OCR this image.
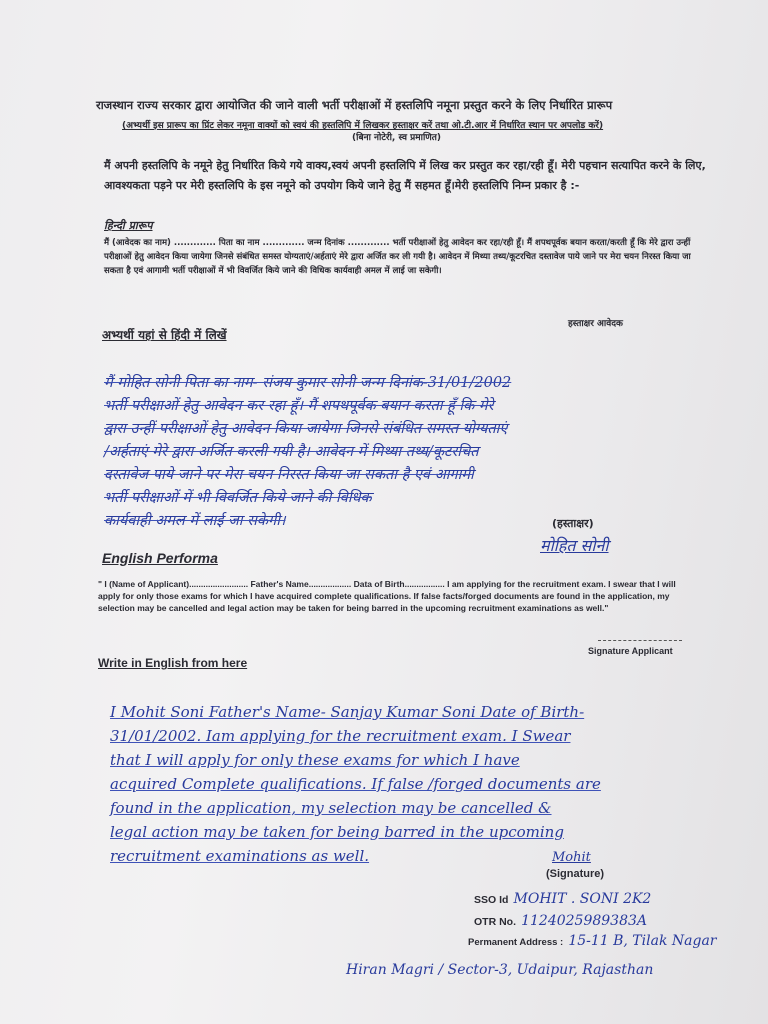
राजस्थान राज्य सरकार द्वारा आयोजित की जाने वाली भर्ती परीक्षाओं में हस्तलिपि नमूना प्रस्तुत करने के लिए निर्धारित प्रारूप
(अभ्यर्थी इस प्रारूप का प्रिंट लेकर नमूना वाक्यों को स्वयं की हस्तलिपि में लिखकर हस्ताक्षर करें तथा ओ.टी.आर में निर्धारित स्थान पर अपलोड करें)
(बिना नोटेरी, स्व प्रमाणित)
मैं अपनी हस्तलिपि के नमूने हेतु निर्धारित किये गये वाक्य,स्वयं अपनी हस्तलिपि में लिख कर प्रस्तुत कर रहा/रही हूँ। मेरी पहचान सत्यापित करने के लिए, आवश्यकता पड़ने पर मेरी हस्तलिपि के इस नमूने को उपयोग किये जाने हेतु मैं सहमत हूँ।मेरी हस्तलिपि निम्न प्रकार है :-
हिन्दी प्रारूप
मैं (आवेदक का नाम) ............. पिता का नाम ............. जन्म दिनांक ............. भर्ती परीक्षाओं हेतु आवेदन कर रहा/रही हूँ। मैं शपथपूर्वक बयान करता/करती हूँ कि मेरे द्वारा उन्हीं परीक्षाओं हेतु आवेदन किया जायेगा जिनसे संबंधित समस्त योग्यताएं/अर्हताएं मेरे द्वारा अर्जित कर ली गयी है। आवेदन में मिथ्या तथ्य/कूटरचित दस्तावेज पाये जाने पर मेरा चयन निरस्त किया जा सकता है एवं आगामी भर्ती परीक्षाओं में भी विवर्जित किये जाने की विधिक कार्यवाही अमल में लाई जा सकेगी।
हस्ताक्षर आवेदक
अभ्यर्थी यहां से हिंदी में लिखें
मैं मोहित सोनी पिता का नाम- संजय कुमार सोनी जन्म दिनांक-31/01/2002
भर्ती परीक्षाओं हेतु आवेदन कर रहा हूँ। मैं शपथपूर्वक बयान करता हूँ कि मेरे
द्वारा उन्हीं परीक्षाओं हेतु आवेदन किया जायेगा जिनसे संबंधित समस्त योग्यताएं
/अर्हताएं मेरे द्वारा अर्जित करली गयी है। आवेदन में मिथ्या तथ्य/कूटरचित
दस्तावेज पाये जाने पर मेरा चयन निरस्त किया जा सकता है एवं आगामी
भर्ती परीक्षाओं में भी विवर्जित किये जाने की विधिक
कार्यवाही अमल में लाई जा सकेगी।	(हस्ताक्षर)
मोहित सोनी
English Performa
" I (Name of Applicant)......................... Father's Name.................. Data of Birth................. I am applying for the recruitment exam. I swear that I will apply for only those exams for which I have acquired complete qualifications. If false facts/forged documents are found in the application, my selection may be cancelled and legal action may be taken for being barred in the upcoming recruitment examinations as well."
Signature Applicant
Write in English from here
I Mohit Soni Father's Name- Sanjay Kumar Soni Date of Birth-
31/01/2002. Iam applying for the recruitment exam. I Swear
that I will apply for only these exams for which I have
acquired Complete qualifications. If false /forged documents are
found in the application, my selection may be cancelled &
legal action may be taken for being barred in the upcoming
recruitment examinations as well.	Mohit
(Signature)
SSO Id MOHIT . SONI 2K2
OTR No. 1124025989383A
Permanent Address : 15-11 B, Tilak Nagar
Hiran Magri / Sector-3, Udaipur, Rajasthan
